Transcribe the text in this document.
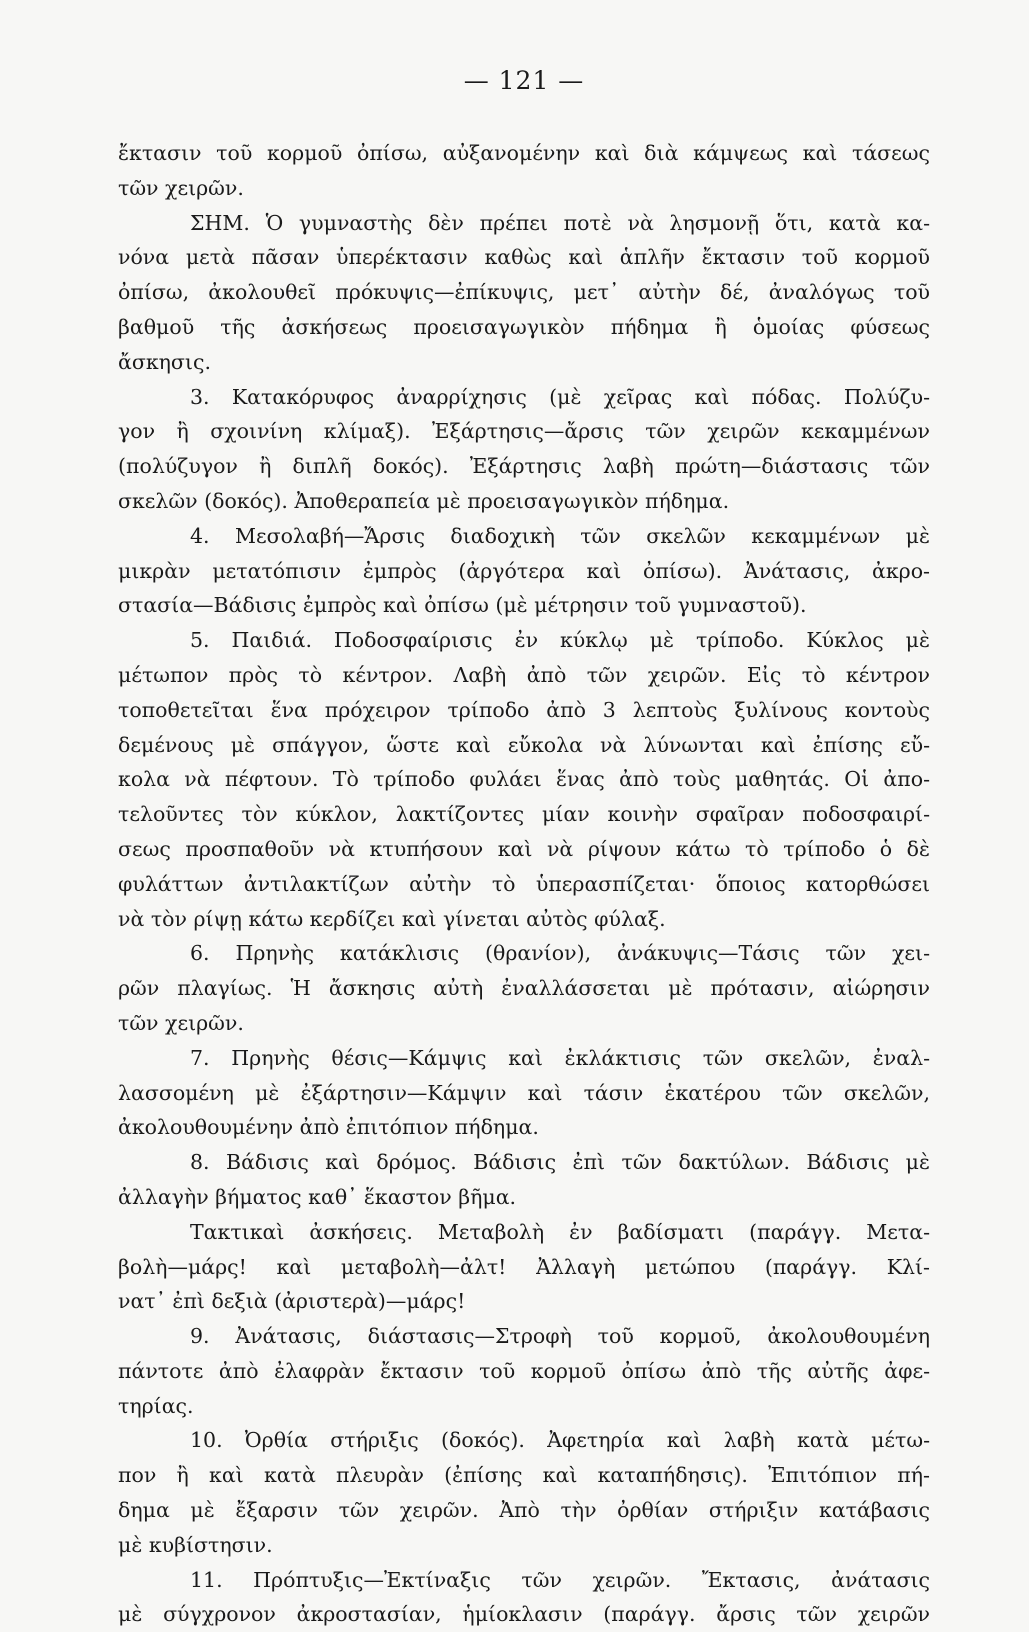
— 121 —
ἔκτασιν τοῦ κορμοῦ ὀπίσω, αὐξανομένην καὶ διὰ κάμψεως καὶ τάσεως
τῶν χειρῶν.
ΣΗΜ. Ὁ γυμναστὴς δὲν πρέπει ποτὲ νὰ λησμονῇ ὅτι, κατὰ κα-
νόνα μετὰ πᾶσαν ὑπερέκτασιν καθὼς καὶ ἁπλῆν ἔκτασιν τοῦ κορμοῦ
ὀπίσω, ἀκολουθεῖ πρόκυψις—ἐπίκυψις, μετ᾽ αὐτὴν δέ, ἀναλόγως τοῦ
βαθμοῦ τῆς ἀσκήσεως προεισαγωγικὸν πήδημα ἢ ὁμοίας φύσεως
ἄσκησις.
3. Κατακόρυφος ἀναρρίχησις (μὲ χεῖρας καὶ πόδας. Πολύζυ-
γον ἢ σχοινίνη κλίμαξ). Ἐξάρτησις—ἄρσις τῶν χειρῶν κεκαμμένων
(πολύζυγον ἢ διπλῆ δοκός). Ἐξάρτησις λαβὴ πρώτη—διάστασις τῶν
σκελῶν (δοκός). Ἀποθεραπεία μὲ προεισαγωγικὸν πήδημα.
4. Μεσολαβή—Ἄρσις διαδοχικὴ τῶν σκελῶν κεκαμμένων μὲ
μικρὰν μετατόπισιν ἐμπρὸς (ἀργότερα καὶ ὀπίσω). Ἀνάτασις, ἀκρο-
στασία—Βάδισις ἐμπρὸς καὶ ὀπίσω (μὲ μέτρησιν τοῦ γυμναστοῦ).
5. Παιδιά. Ποδοσφαίρισις ἐν κύκλῳ μὲ τρίποδο. Κύκλος μὲ
μέτωπον πρὸς τὸ κέντρον. Λαβὴ ἀπὸ τῶν χειρῶν. Εἰς τὸ κέντρον
τοποθετεῖται ἕνα πρόχειρον τρίποδο ἀπὸ 3 λεπτοὺς ξυλίνους κοντοὺς
δεμένους μὲ σπάγγον, ὥστε καὶ εὔκολα νὰ λύνωνται καὶ ἐπίσης εὔ-
κολα νὰ πέφτουν. Τὸ τρίποδο φυλάει ἕνας ἀπὸ τοὺς μαθητάς. Οἱ ἀπο-
τελοῦντες τὸν κύκλον, λακτίζοντες μίαν κοινὴν σφαῖραν ποδοσφαιρί-
σεως προσπαθοῦν νὰ κτυπήσουν καὶ νὰ ρίψουν κάτω τὸ τρίποδο ὁ δὲ
φυλάττων ἀντιλακτίζων αὐτὴν τὸ ὑπερασπίζεται· ὅποιος κατορθώσει
νὰ τὸν ρίψῃ κάτω κερδίζει καὶ γίνεται αὐτὸς φύλαξ.
6. Πρηνὴς κατάκλισις (θρανίον), ἀνάκυψις—Τάσις τῶν χει-
ρῶν πλαγίως. Ἡ ἄσκησις αὐτὴ ἐναλλάσσεται μὲ πρότασιν, αἰώρησιν
τῶν χειρῶν.
7. Πρηνὴς θέσις—Κάμψις καὶ ἐκλάκτισις τῶν σκελῶν, ἐναλ-
λασσομένη μὲ ἐξάρτησιν—Κάμψιν καὶ τάσιν ἑκατέρου τῶν σκελῶν,
ἀκολουθουμένην ἀπὸ ἐπιτόπιον πήδημα.
8. Βάδισις καὶ δρόμος. Βάδισις ἐπὶ τῶν δακτύλων. Βάδισις μὲ
ἀλλαγὴν βήματος καθ᾽ ἕκαστον βῆμα.
Τακτικαὶ ἀσκήσεις. Μεταβολὴ ἐν βαδίσματι (παράγγ. Μετα-
βολὴ—μάρς! καὶ μεταβολὴ—ἀλτ! Ἀλλαγὴ μετώπου (παράγγ. Κλί-
νατ᾽ ἐπὶ δεξιὰ (ἀριστερὰ)—μάρς!
9. Ἀνάτασις, διάστασις—Στροφὴ τοῦ κορμοῦ, ἀκολουθουμένη
πάντοτε ἀπὸ ἐλαφρὰν ἔκτασιν τοῦ κορμοῦ ὀπίσω ἀπὸ τῆς αὐτῆς ἀφε-
τηρίας.
10. Ὀρθία στήριξις (δοκός). Ἀφετηρία καὶ λαβὴ κατὰ μέτω-
πον ἢ καὶ κατὰ πλευρὰν (ἐπίσης καὶ καταπήδησις). Ἐπιτόπιον πή-
δημα μὲ ἔξαρσιν τῶν χειρῶν. Ἀπὸ τὴν ὀρθίαν στήριξιν κατάβασις
μὲ κυβίστησιν.
11. Πρόπτυξις—Ἐκτίναξις τῶν χειρῶν. Ἔκτασις, ἀνάτασις
μὲ σύγχρονον ἀκροστασίαν, ἡμίοκλασιν (παράγγ. ἄρσις τῶν χειρῶν
